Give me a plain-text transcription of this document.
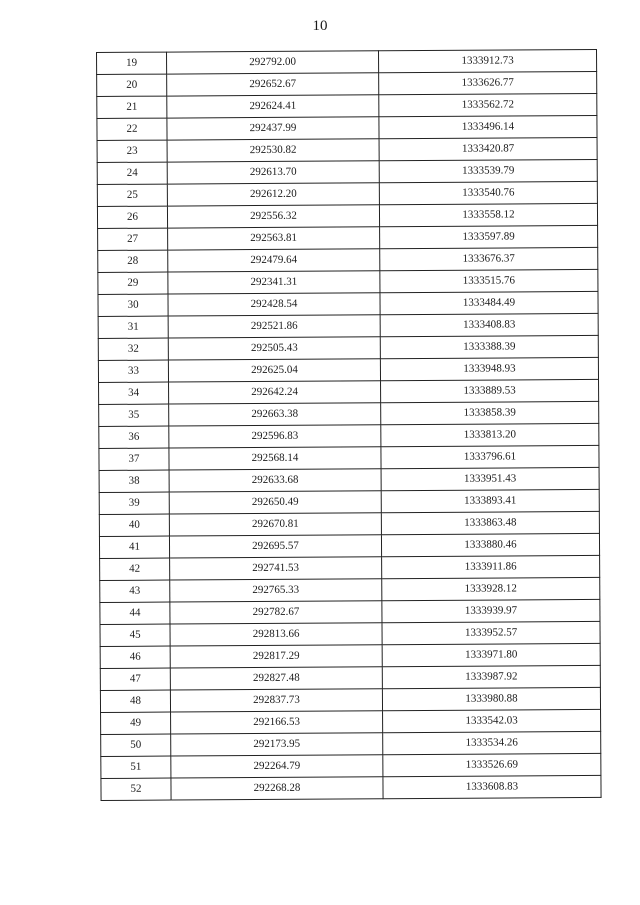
10
19	292792.00	1333912.73
20	292652.67	1333626.77
21	292624.41	1333562.72
22	292437.99	1333496.14
23	292530.82	1333420.87
24	292613.70	1333539.79
25	292612.20	1333540.76
26	292556.32	1333558.12
27	292563.81	1333597.89
28	292479.64	1333676.37
29	292341.31	1333515.76
30	292428.54	1333484.49
31	292521.86	1333408.83
32	292505.43	1333388.39
33	292625.04	1333948.93
34	292642.24	1333889.53
35	292663.38	1333858.39
36	292596.83	1333813.20
37	292568.14	1333796.61
38	292633.68	1333951.43
39	292650.49	1333893.41
40	292670.81	1333863.48
41	292695.57	1333880.46
42	292741.53	1333911.86
43	292765.33	1333928.12
44	292782.67	1333939.97
45	292813.66	1333952.57
46	292817.29	1333971.80
47	292827.48	1333987.92
48	292837.73	1333980.88
49	292166.53	1333542.03
50	292173.95	1333534.26
51	292264.79	1333526.69
52	292268.28	1333608.83
